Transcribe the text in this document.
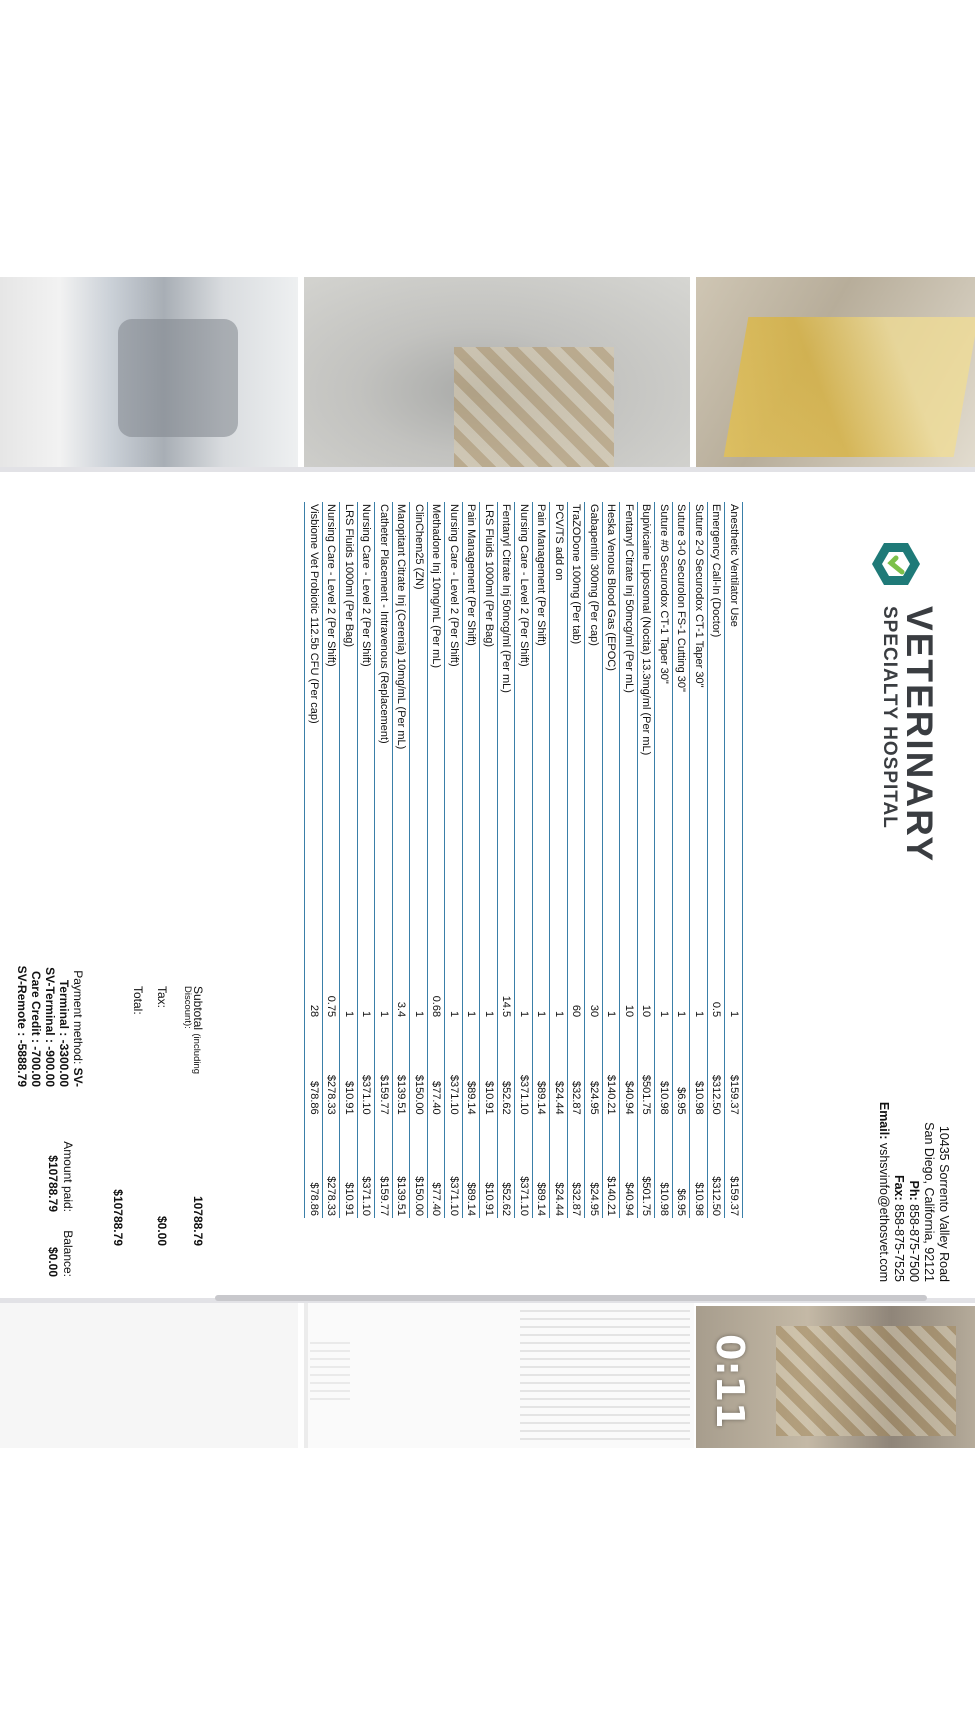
VETERINARY
SPECIALTY HOSPITAL
10435 Sorrento Valley Road
San Diego, California, 92121
Ph: 858-875-7500
Fax: 858-875-7525
Email: vshsvinfo@ethosvet.com
Anesthetic Ventilator Use	1	$159.37	$159.37
Emergency Call-In (Doctor)	0.5	$312.50	$312.50
Suture 2-0 Securodox CT-1 Taper 30"	1	$10.98	$10.98
Suture 3-0 Securolon FS-1 Cutting 30"	1	$6.95	$6.95
Suture #0 Securodox CT-1 Taper 30"	1	$10.98	$10.98
Bupivicaine Liposomal (Nocita) 13.3mg/ml (Per mL)	10	$501.75	$501.75
Fentanyl Citrate Inj 50mcg/ml (Per mL)	10	$40.94	$40.94
Heska Venous Blood Gas (EPOC)	1	$140.21	$140.21
Gabapentin 300mg (Per cap)	30	$24.95	$24.95
TraZODone 100mg (Per tab)	60	$32.87	$32.87
PCV/TS add on	1	$24.44	$24.44
Pain Management (Per Shift)	1	$89.14	$89.14
Nursing Care - Level 2 (Per Shift)	1	$371.10	$371.10
Fentanyl Citrate Inj 50mcg/ml (Per mL)	14.5	$52.62	$52.62
LRS Fluids 1000ml (Per Bag)	1	$10.91	$10.91
Pain Management (Per Shift)	1	$89.14	$89.14
Nursing Care - Level 2 (Per Shift)	1	$371.10	$371.10
Methadone Inj 10mg/mL (Per mL)	0.68	$77.40	$77.40
ClinChem25 (ZN)	1	$150.00	$150.00
Maropitant Citrate Inj (Cerenia) 10mg/mL (Per mL)	3.4	$139.51	$139.51
Catheter Placement - Intravenous (Replacement)	1	$159.77	$159.77
Nursing Care - Level 2 (Per Shift)	1	$371.10	$371.10
LRS Fluids 1000ml (Per Bag)	1	$10.91	$10.91
Nursing Care - Level 2 (Per Shift)	0.75	$278.33	$278.33
Visbiome Vet Probiotic 112.5b CFU (Per cap)	28	$78.86	$78.86
Subtotal (including
10788.79
Discount):
Tax:
$0.00
Total:
$10788.79
Payment method: SV-
Terminal : -3300.00
SV-Terminal : -900.00
Care Credit : -700.00
SV-Remote : -5888.79
Amount paid:
$10788.79
Balance:
$0.00
0:11
